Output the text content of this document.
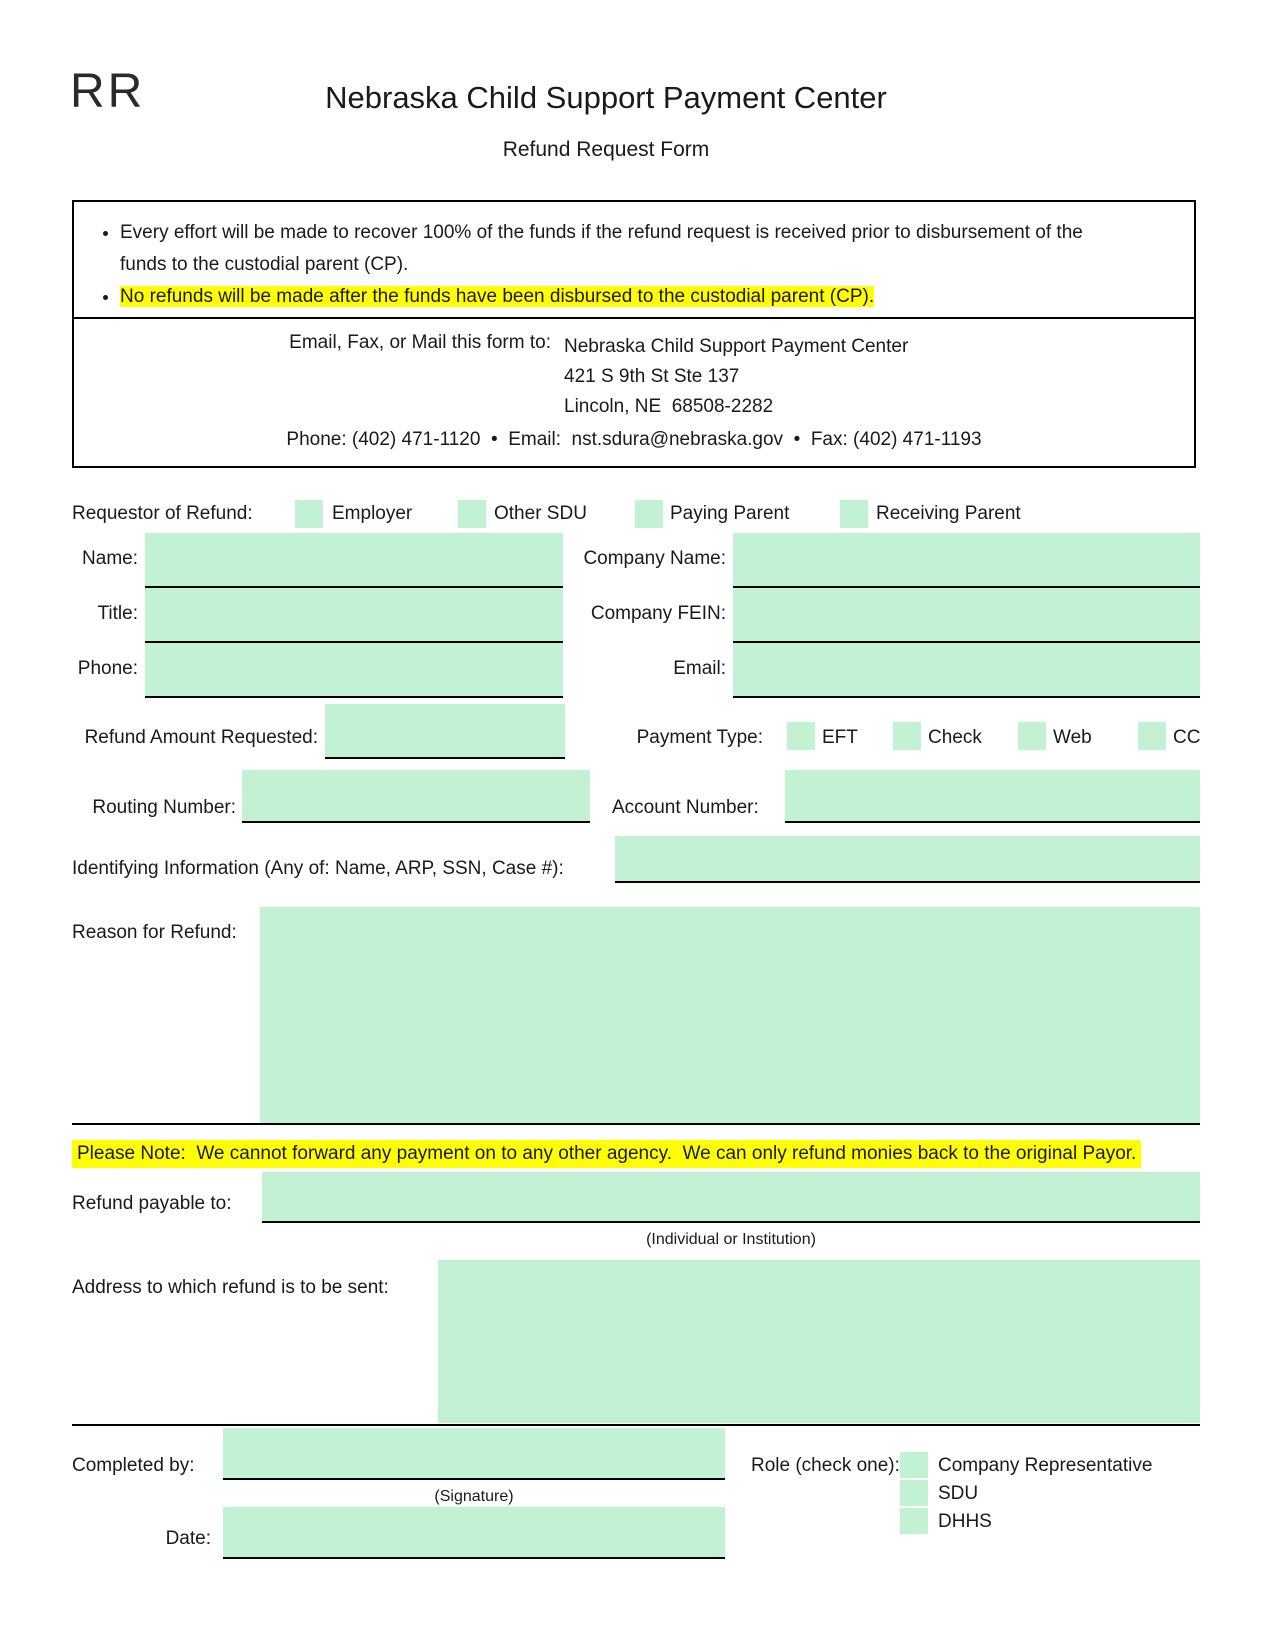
RR	Nebraska Child Support Payment Center
Refund Request Form
• Every effort will be made to recover 100% of the funds if the refund request is received prior to disbursement of the funds to the custodial parent (CP).
• No refunds will be made after the funds have been disbursed to the custodial parent (CP).
Email, Fax, or Mail this form to: Nebraska Child Support Payment Center
421 S 9th St Ste 137
Lincoln, NE  68508-2282
Phone: (402) 471-1120  •  Email:  nst.sdura@nebraska.gov  •  Fax: (402) 471-1193
Requestor of Refund:	Employer	Other SDU	Paying Parent	Receiving Parent
Name:
Title:
Phone:
Company Name:
Company FEIN:
Email:
Refund Amount Requested:	Payment Type:	EFT	Check	Web	CC
Routing Number:	Account Number:
Identifying Information (Any of: Name, ARP, SSN, Case #):
Reason for Refund:
Please Note:  We cannot forward any payment on to any other agency.  We can only refund monies back to the original Payor.
Refund payable to:
(Individual or Institution)
Address to which refund is to be sent:
Completed by:
(Signature)
Role (check one): Company Representative
SDU
DHHS
Date:
